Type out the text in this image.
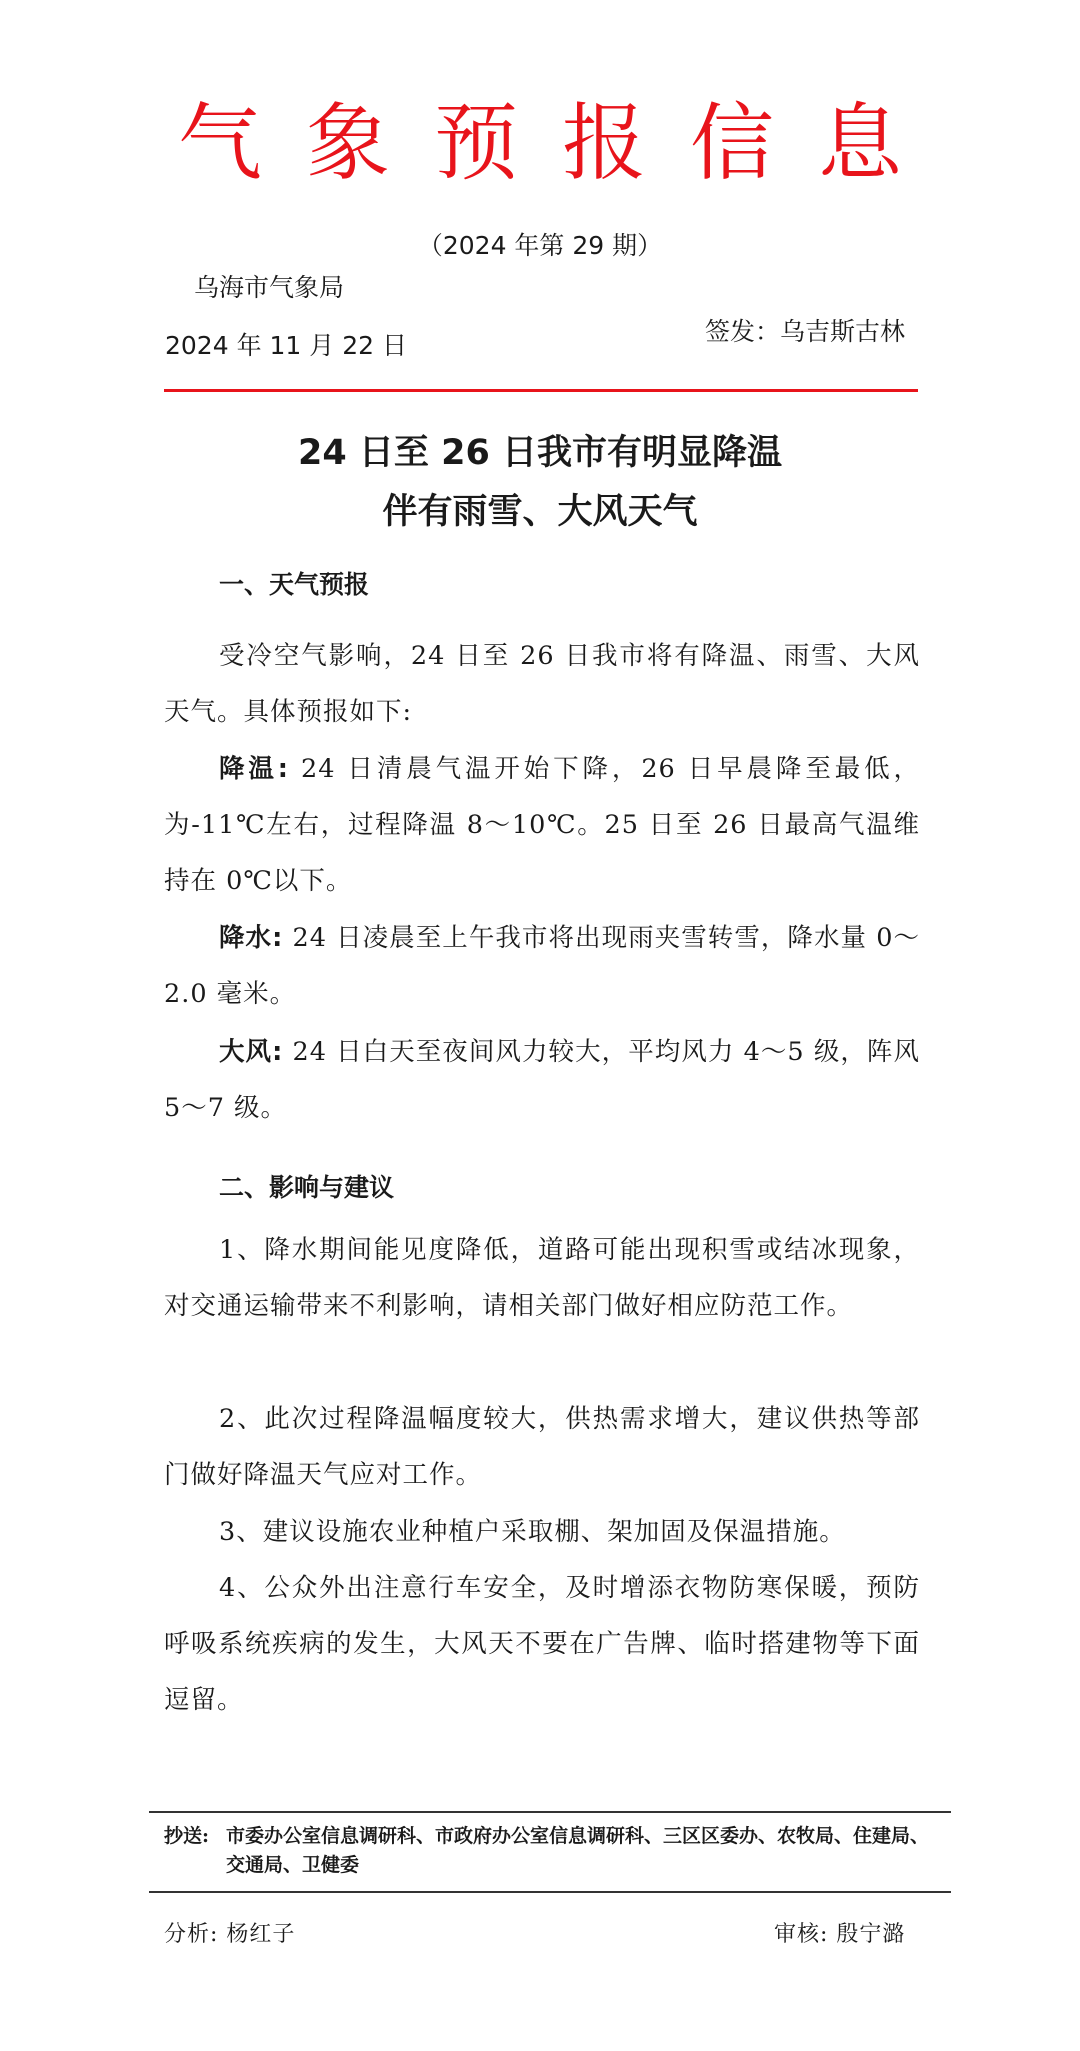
气象预报信息
（2024 年第 29 期）
乌海市气象局
2024 年 11 月 22 日	签发：乌吉斯古林
24 日至 26 日我市有明显降温
伴有雨雪、大风天气
一、天气预报
受冷空气影响，24 日至 26 日我市将有降温、雨雪、大风天气。具体预报如下:
降温: 24 日清晨气温开始下降，26 日早晨降至最低，为-11℃左右，过程降温 8～10℃。25 日至 26 日最高气温维持在 0℃以下。
降水: 24 日凌晨至上午我市将出现雨夹雪转雪，降水量 0～2.0 毫米。
大风: 24 日白天至夜间风力较大，平均风力 4～5 级，阵风 5～7 级。
二、影响与建议
1、降水期间能见度降低，道路可能出现积雪或结冰现象，对交通运输带来不利影响，请相关部门做好相应防范工作。
2、此次过程降温幅度较大，供热需求增大，建议供热等部门做好降温天气应对工作。
3、建议设施农业种植户采取棚、架加固及保温措施。
4、公众外出注意行车安全，及时增添衣物防寒保暖，预防呼吸系统疾病的发生，大风天不要在广告牌、临时搭建物等下面逗留。
抄送: 市委办公室信息调研科、市政府办公室信息调研科、三区区委办、农牧局、住建局、交通局、卫健委
分析: 杨红子	审核: 殷宁潞
